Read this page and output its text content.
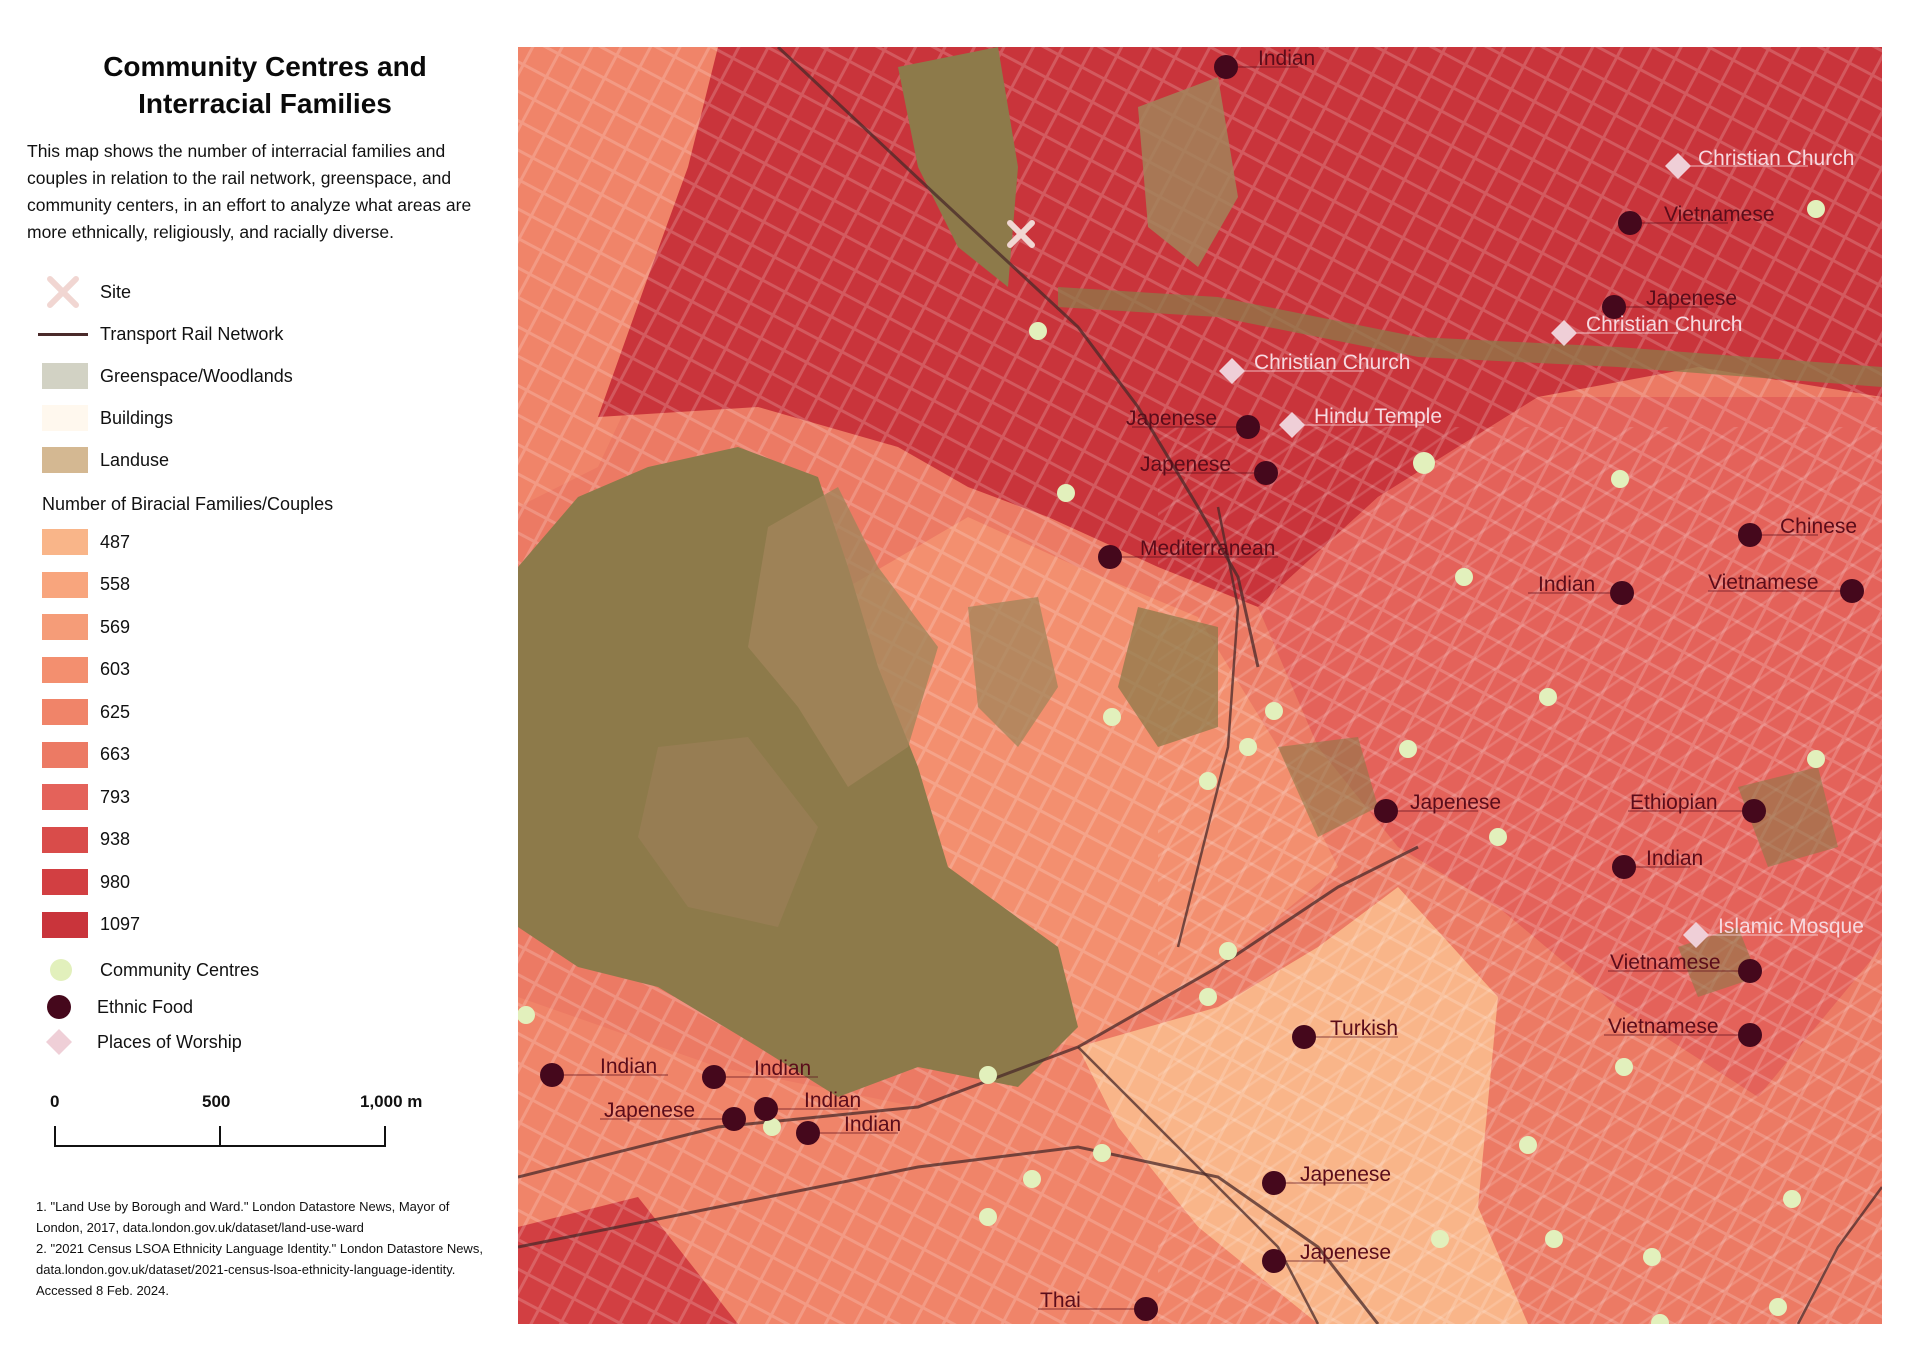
Community Centres and
Interracial Families
This map shows the number of interracial families and couples in relation to the rail network, greenspace, and community centers, in an effort to analyze what areas are more ethnically, religiously, and racially diverse.
Site
Transport Rail Network
Greenspace/Woodlands
Buildings
Landuse
Number of Biracial Families/Couples
487
558
569
603
625
663
793
938
980
1097
Community Centres
Ethnic Food
Places of Worship
0	500	1,000 m
1. "Land Use by Borough and Ward." London Datastore News, Mayor of London, 2017, data.london.gov.uk/dataset/land-use-ward
2. "2021 Census LSOA Ethnicity Language Identity." London Datastore News,
data.london.gov.uk/dataset/2021-census-lsoa-ethnicity-language-identity. Accessed 8 Feb. 2024.
Indian
Vietnamese
Japenese
Japenese
Japenese
Mediterranean
Chinese
Indian	Vietnamese
Japenese	Ethiopian
Indian
Vietnamese
Turkish	Vietnamese
Indian	Indian
Indian
Japenese
Indian
Japenese
Japenese
Thai
Christian Church
Christian Church
Christian Church
Hindu Temple
Islamic Mosque
